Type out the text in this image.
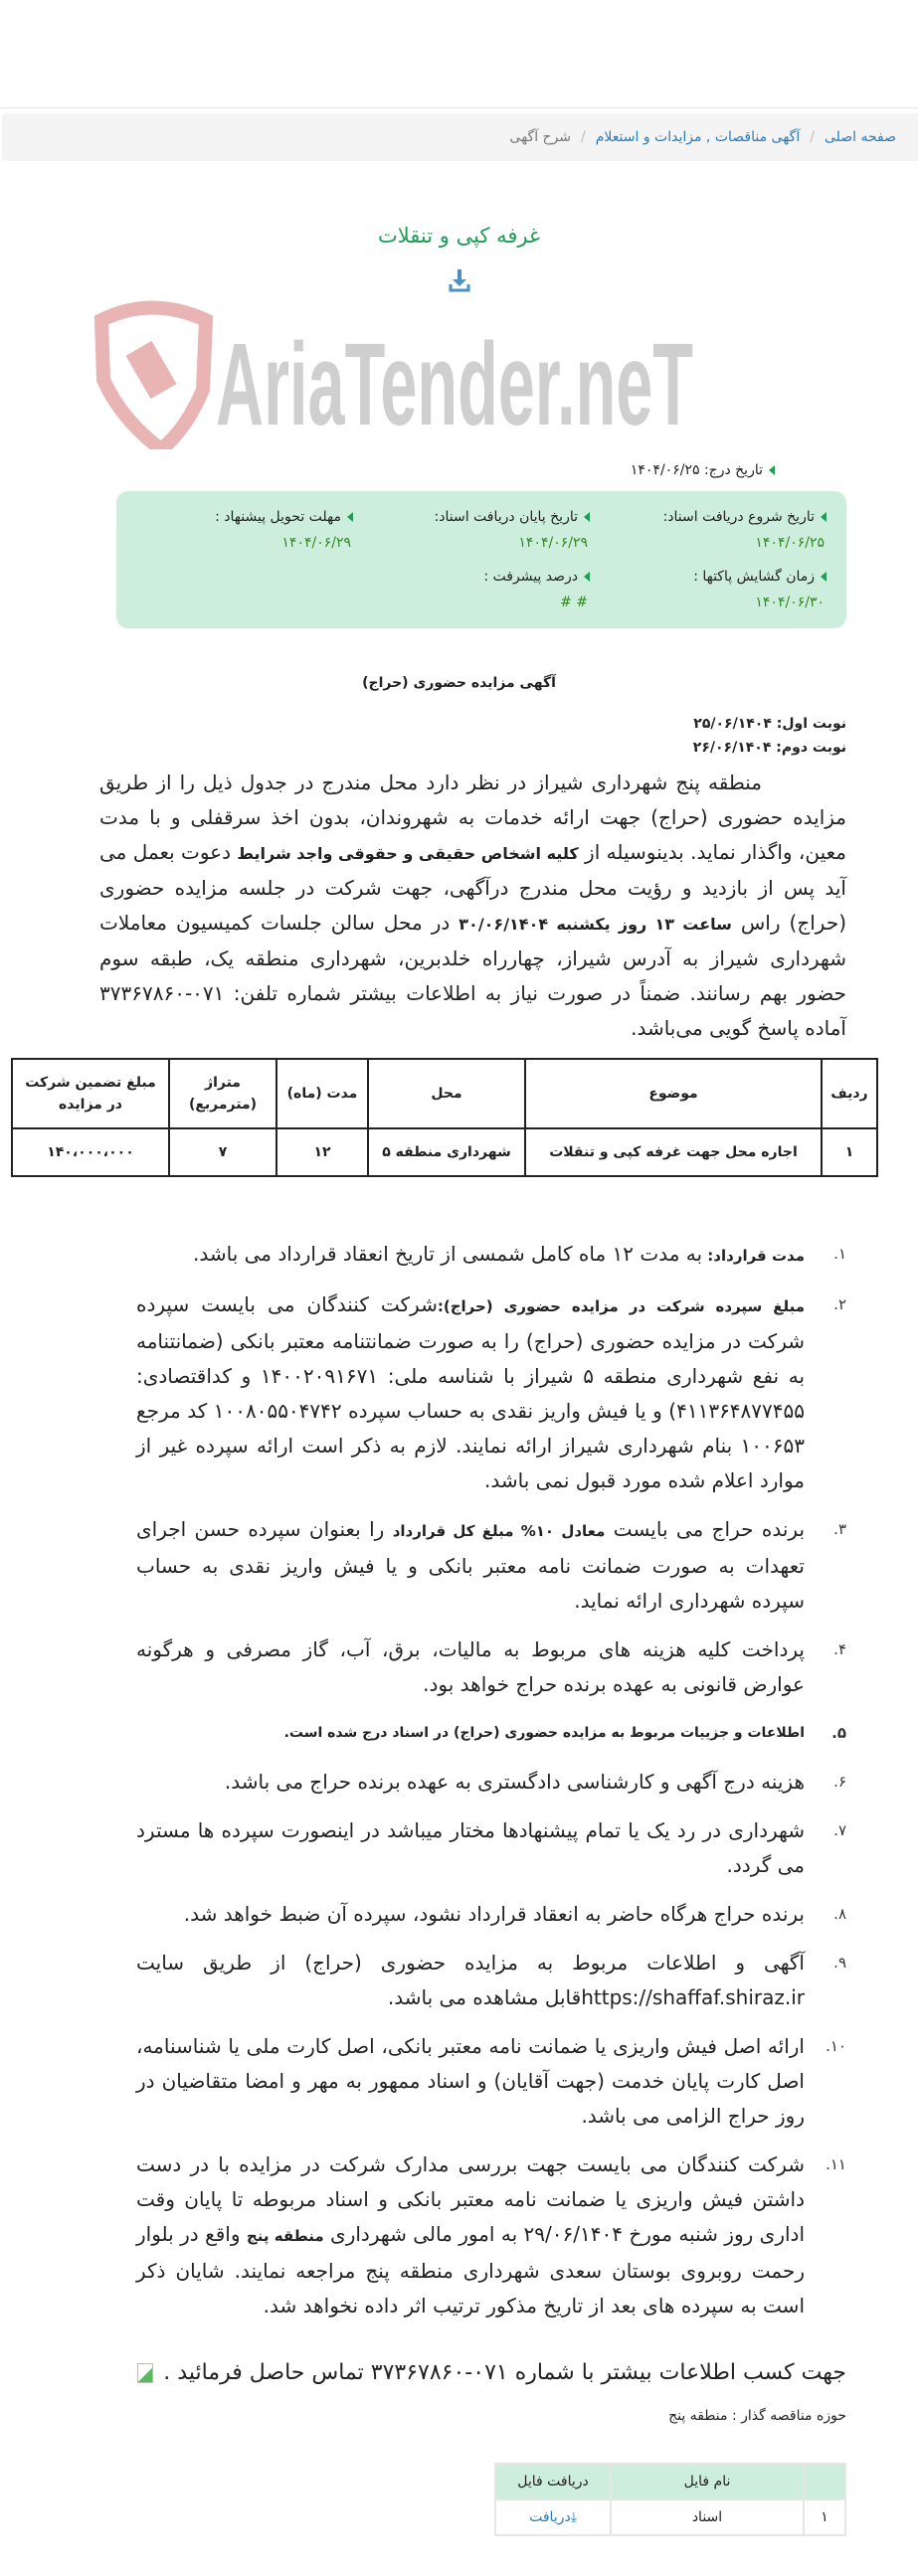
صفحه اصلی
/
آگهی مناقصات , مزایدات و استعلام
/
شرح آگهی
غرفه کپی و تنقلات
AriaTender.neT
تاریخ درج: ۱۴۰۴/۰۶/۲۵
تاریخ شروع دریافت اسناد:
۱۴۰۴/۰۶/۲۵
تاریخ پایان دریافت اسناد:
۱۴۰۴/۰۶/۲۹
مهلت تحویل پیشنهاد :
۱۴۰۴/۰۶/۲۹
زمان گشایش پاکتها :
۱۴۰۴/۰۶/۳۰
درصد پیشرفت :
# #
آگهی مزایده حضوری (حراج)
نوبت اول: ۲۵/۰۶/۱۴۰۴
نوبت دوم: ۲۶/۰۶/۱۴۰۴
منطقه پنج شهرداری شیراز در نظر دارد محل مندرج در جدول ذیل را از طریق مزایده حضوری (حراج) جهت ارائه خدمات به شهروندان، بدون اخذ سرقفلی و با مدت معین، واگذار نماید. بدینوسیله از کلیه اشخاص حقیقی و حقوقی واجد شرایط دعوت بعمل می آید پس از بازدید و رؤیت محل مندرج درآگهی، جهت شرکت در جلسه مزایده حضوری (حراج) راس ساعت ۱۳ روز یکشنبه ۳۰/۰۶/۱۴۰۴ در محل سالن جلسات کمیسیون معاملات شهرداری شیراز به آدرس شیراز، چهارراه خلدبرین، شهرداری منطقه یک، طبقه سوم حضور بهم رسانند. ضمناً در صورت نیاز به اطلاعات بیشتر شماره تلفن: ۰۷۱-۳۷۳۶۷۸۶۰ آماده پاسخ گویی می‌باشد.
ردیف	موضوع	محل	مدت (ماه)	متراژ (مترمربع)	مبلغ تضمین شرکت در مزایده
۱	اجاره محل جهت غرفه کپی و تنقلات	شهرداری منطقه ۵	۱۲	۷	۱۴۰،۰۰۰،۰۰۰
۱.
مدت قرارداد: به مدت ۱۲ ماه کامل شمسی از تاریخ انعقاد قرارداد می باشد.
۲.
مبلغ سپرده شرکت در مزایده حضوری (حراج):شرکت کنندگان می بایست سپرده شرکت در مزایده حضوری (حراج) را به صورت ضمانتنامه معتبر بانکی (ضمانتنامه به نفع شهرداری منطقه ۵ شیراز با شناسه ملی: ۱۴۰۰۲۰۹۱۶۷۱ و کداقتصادی: ۴۱۱۳۶۴۸۷۷۴۵۵) و یا فیش واریز نقدی به حساب سپرده ۱۰۰۸۰۵۵۰۴۷۴۲ کد مرجع ۱۰۰۶۵۳ بنام شهرداری شیراز ارائه نمایند. لازم به ذکر است ارائه سپرده غیر از موارد اعلام شده مورد قبول نمی باشد.
۳.
برنده حراج می بایست معادل ۱۰% مبلغ کل قرارداد را بعنوان سپرده حسن اجرای تعهدات به صورت ضمانت نامه معتبر بانکی و یا فیش واریز نقدی به حساب سپرده شهرداری ارائه نماید.
۴.
پرداخت کلیه هزینه های مربوط به مالیات، برق، آب، گاز مصرفی و هرگونه عوارض قانونی به عهده برنده حراج خواهد بود.
۵.
اطلاعات و جزییات مربوط به مزایده حضوری (حراج) در اسناد درج شده است.
۶.
هزینه درج آگهی و کارشناسی دادگستری به عهده برنده حراج می باشد.
۷.
شهرداری در رد یک یا تمام پیشنهادها مختار میباشد در اینصورت سپرده ها مسترد می گردد.
۸.
برنده حراج هرگاه حاضر به انعقاد قرارداد نشود، سپرده آن ضبط خواهد شد.
۹.
آگهی و اطلاعات مربوط به مزایده حضوری (حراج) از طریق سایت https://shaffaf.shiraz.irقابل مشاهده می باشد.
۱۰.
ارائه اصل فیش واریزی یا ضمانت نامه معتبر بانکی، اصل کارت ملی یا شناسنامه، اصل کارت پایان خدمت (جهت آقایان) و اسناد ممهور به مهر و امضا متقاضیان در روز حراج الزامی می باشد.
۱۱.
شرکت کنندگان می بایست جهت بررسی مدارک شرکت در مزایده با در دست داشتن فیش واریزی یا ضمانت نامه معتبر بانکی و اسناد مربوطه تا پایان وقت اداری روز شنبه مورخ ۲۹/۰۶/۱۴۰۴ به امور مالی شهرداری منطقه پنج واقع در بلوار رحمت روبروی بوستان سعدی شهرداری منطقه پنج مراجعه نمایند. شایان ذکر است به سپرده های بعد از تاریخ مذکور ترتیب اثر داده نخواهد شد.
جهت کسب اطلاعات بیشتر با شماره ۰۷۱-۳۷۳۶۷۸۶۰ تماس حاصل فرمائید .
حوزه مناقصه گذار : منطقه پنج
	نام فایل	دریافت فایل
۱	اسناد	⤓دریافت
